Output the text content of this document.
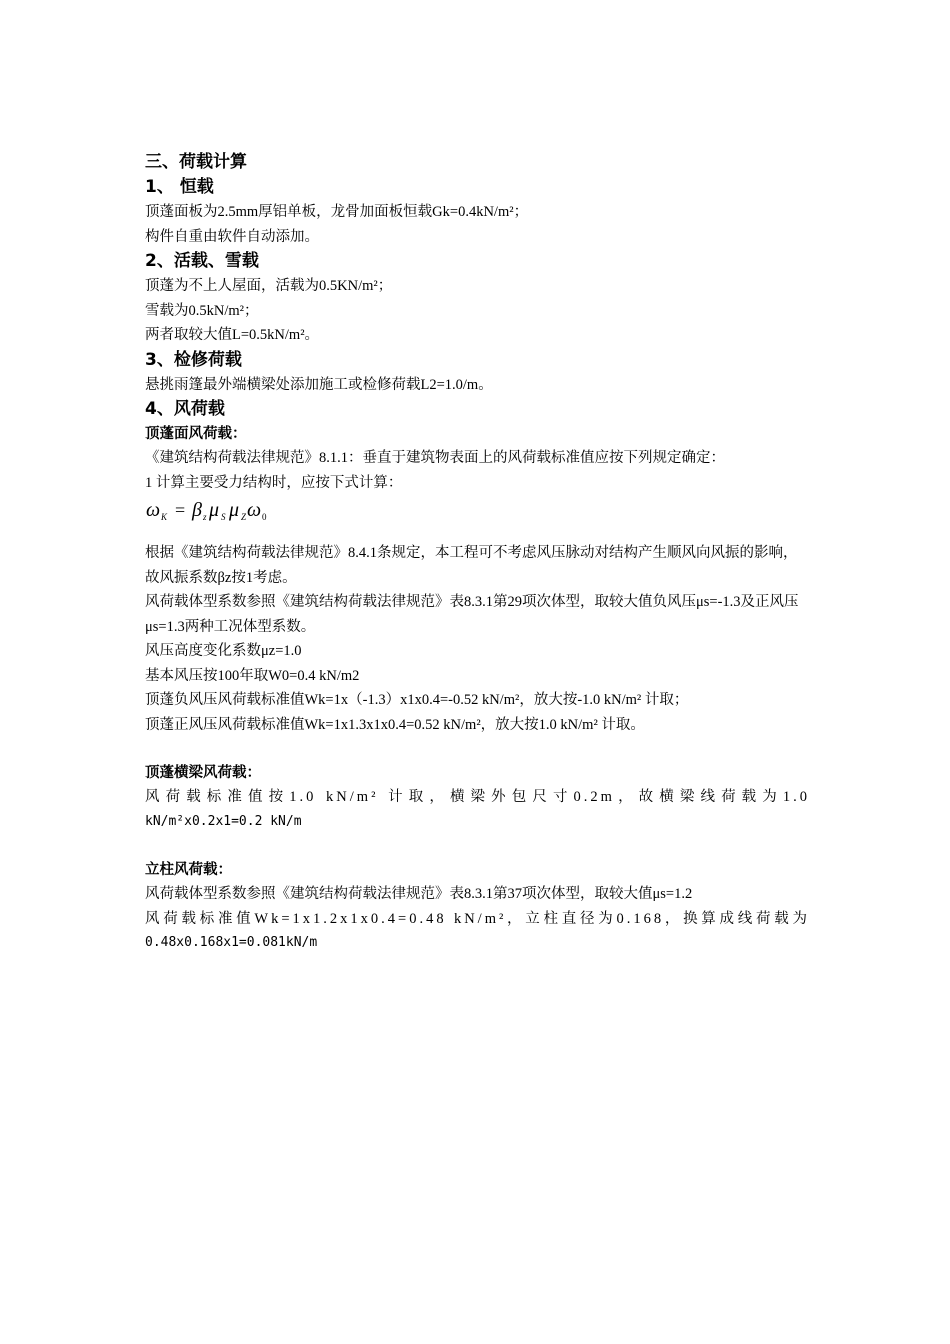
三、荷载计算
1、 恒载
顶蓬面板为2.5mm厚铝单板，龙骨加面板恒载Gk=0.4kN/m²；
构件自重由软件自动添加。
2、活载、雪载
顶蓬为不上人屋面，活载为0.5KN/m²；
雪载为0.5kN/m²；
两者取较大值L=0.5kN/m²。
3、检修荷载
悬挑雨篷最外端横梁处添加施工或检修荷载L2=1.0/m。
4、风荷载
顶蓬面风荷载：
《建筑结构荷载法律规范》8.1.1：垂直于建筑物表面上的风荷载标准值应按下列规定确定：
1 计算主要受力结构时，应按下式计算：
ω K = β z μ S μ Z ω 0
根据《建筑结构荷载法律规范》8.4.1条规定，本工程可不考虑风压脉动对结构产生顺风向风振的影响，故风振系数βz按1考虑。
风荷载体型系数参照《建筑结构荷载法律规范》表8.3.1第29项次体型，取较大值负风压μs=-1.3及正风压μs=1.3两种工况体型系数。
风压高度变化系数μz=1.0
基本风压按100年取W0=0.4 kN/m2
顶蓬负风压风荷载标准值Wk=1x（-1.3）x1x0.4=-0.52 kN/m²，放大按-1.0 kN/m² 计取；
顶蓬正风压风荷载标准值Wk=1x1.3x1x0.4=0.52 kN/m²，放大按1.0 kN/m² 计取。
顶蓬横梁风荷载：
风荷载标准值按1.0 kN/m² 计取，横梁外包尺寸0.2m，故横梁线荷载为1.0
kN/m²x0.2x1=0.2 kN/m
立柱风荷载：
风荷载体型系数参照《建筑结构荷载法律规范》表8.3.1第37项次体型，取较大值μs=1.2
风荷载标准值Wk=1x1.2x1x0.4=0.48 kN/m²，立柱直径为0.168，换算成线荷载为
0.48x0.168x1=0.081kN/m
